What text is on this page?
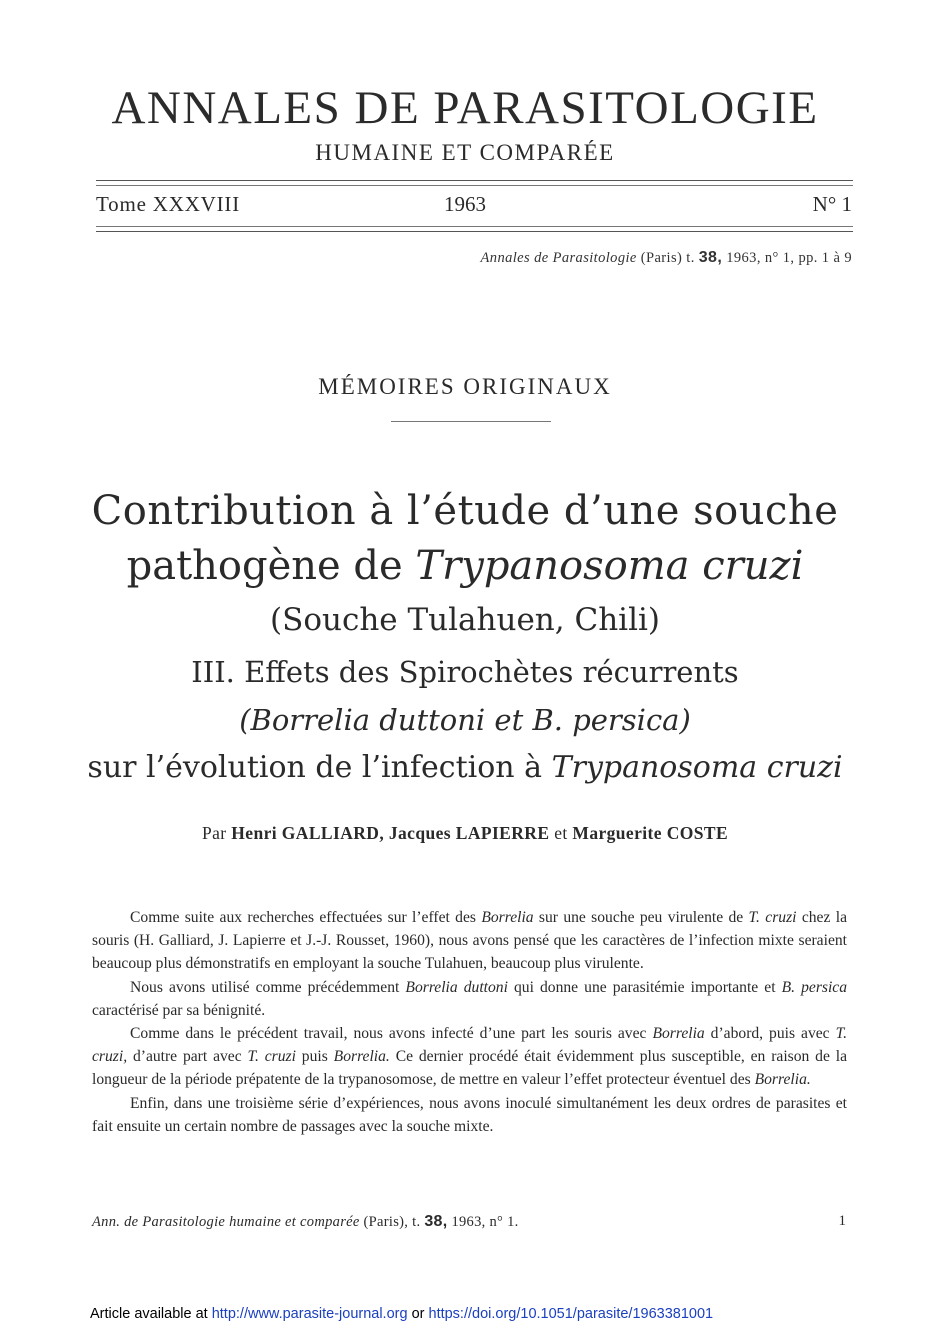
ANNALES DE PARASITOLOGIE
HUMAINE ET COMPARÉE
Tome XXXVIII	1963	N° 1
Annales de Parasitologie (Paris) t. 38, 1963, n° 1, pp. 1 à 9
MÉMOIRES ORIGINAUX
Contribution à l’étude d’une souche
pathogène de Trypanosoma cruzi
(Souche Tulahuen, Chili)
III. Effets des Spirochètes récurrents
(Borrelia duttoni et B. persica)
sur l’évolution de l’infection à Trypanosoma cruzi
Par Henri GALLIARD, Jacques LAPIERRE et Marguerite COSTE

Comme suite aux recherches effectuées sur l’effet des Borrelia sur une souche peu virulente de T. cruzi chez la souris (H. Galliard, J. Lapierre et J.-J. Rousset, 1960), nous avons pensé que les caractères de l’infection mixte seraient beaucoup plus démonstratifs en employant la souche Tulahuen, beaucoup plus virulente.

Nous avons utilisé comme précédemment Borrelia duttoni qui donne une parasitémie importante et B. persica caractérisé par sa bénignité.

Comme dans le précédent travail, nous avons infecté d’une part les souris avec Borrelia d’abord, puis avec T. cruzi, d’autre part avec T. cruzi puis Borrelia. Ce dernier procédé était évidemment plus susceptible, en raison de la longueur de la période prépatente de la trypanosomose, de mettre en valeur l’effet protecteur éventuel des Borrelia.

Enfin, dans une troisième série d’expériences, nous avons inoculé simultanément les deux ordres de parasites et fait ensuite un certain nombre de passages avec la souche mixte.

Ann. de Parasitologie humaine et comparée (Paris), t. 38, 1963, n° 1.	1
Article available at http://www.parasite-journal.org or https://doi.org/10.1051/parasite/1963381001
